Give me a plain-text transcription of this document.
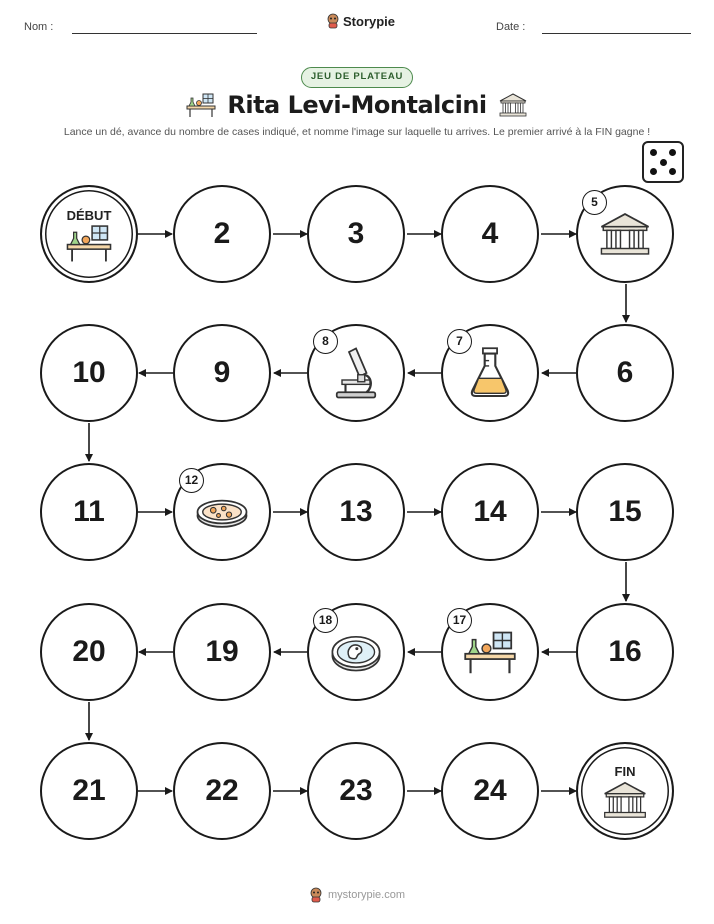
Nom :	Storypie	Date :
JEU DE PLATEAU
Rita Levi-Montalcini
Lance un dé, avance du nombre de cases indiqué, et nomme l'image sur laquelle tu arrives. Le premier arrivé à la FIN gagne !
DÉBUT
2	3	4
5
10	9
8	7
6
11
12
13	14	15
20	19
18	17
16
21	22	23	24
FIN
mystorypie.com
